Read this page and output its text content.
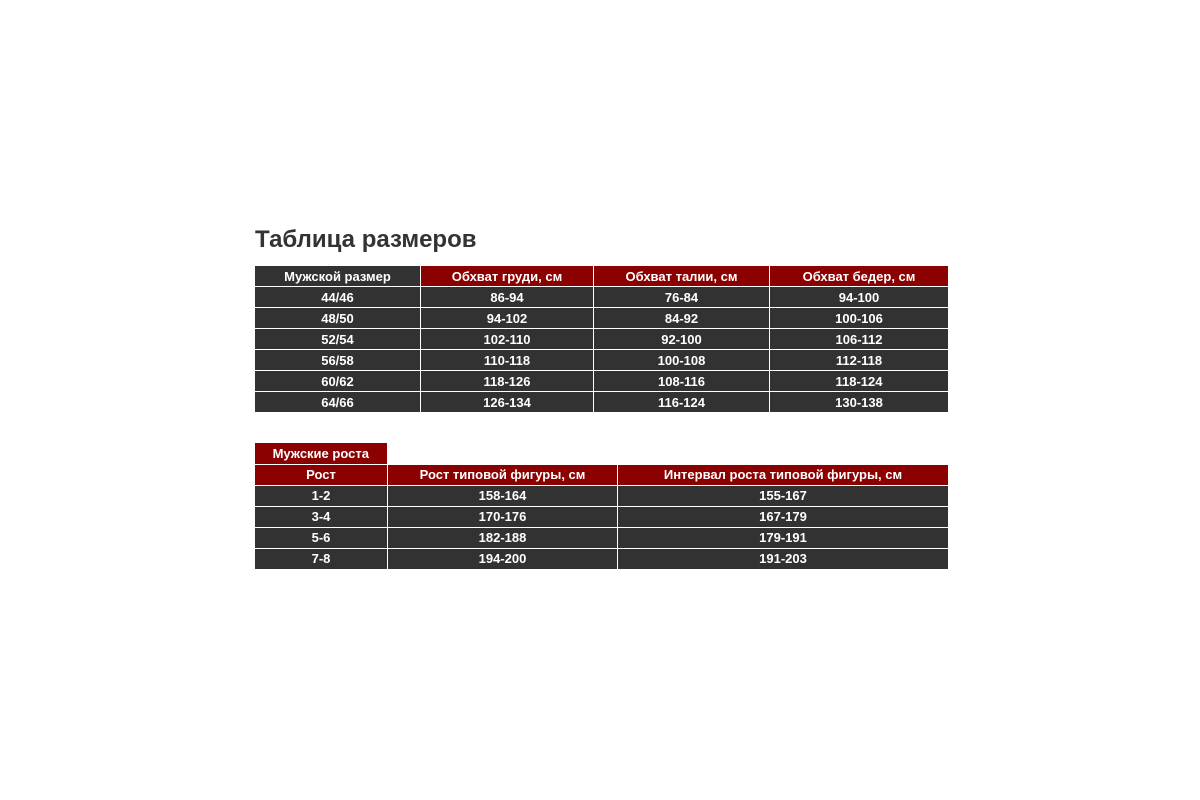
Таблица размеров
Мужской размер	Обхват груди, см	Обхват талии, см	Обхват бедер, см
44/46	86-94	76-84	94-100
48/50	94-102	84-92	100-106
52/54	102-110	92-100	106-112
56/58	110-118	100-108	112-118
60/62	118-126	108-116	118-124
64/66	126-134	116-124	130-138
Мужские роста		
Рост	Рост типовой фигуры, см	Интервал роста типовой фигуры, см
1-2	158-164	155-167
3-4	170-176	167-179
5-6	182-188	179-191
7-8	194-200	191-203
